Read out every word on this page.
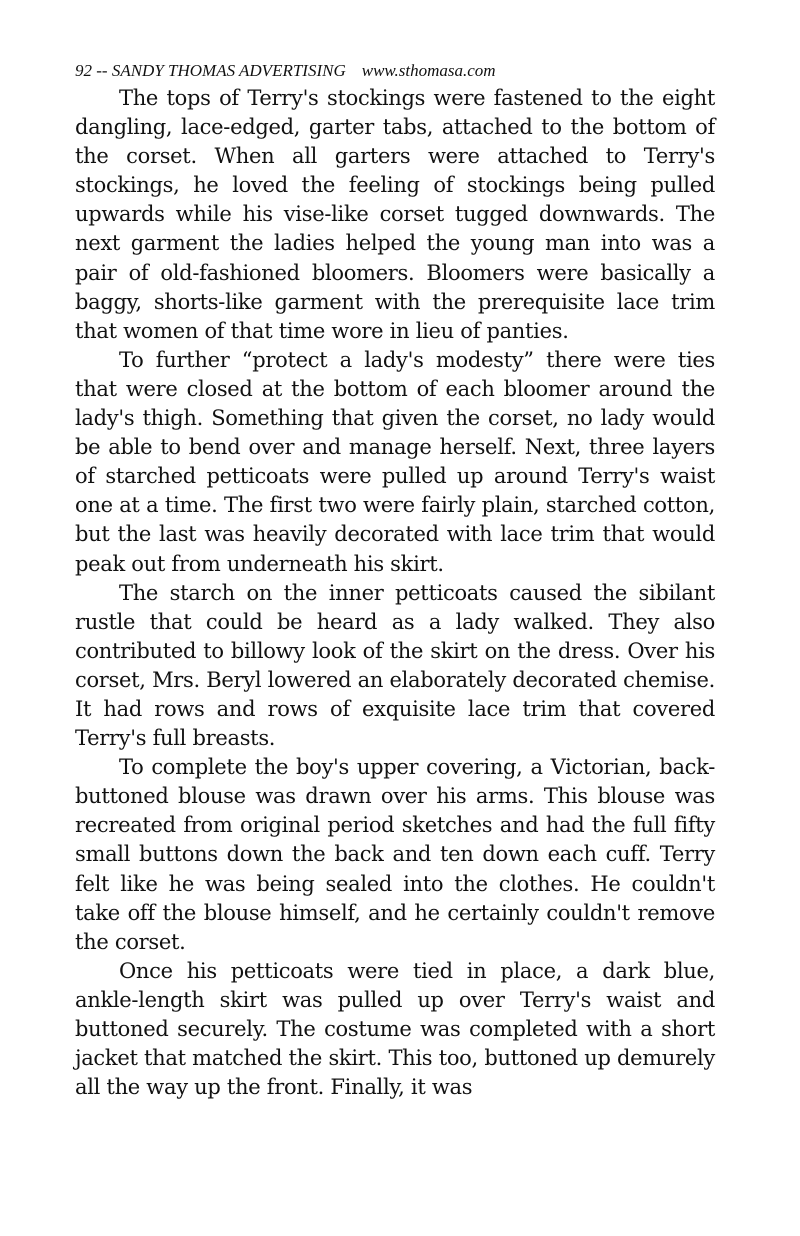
92 -- SANDY THOMAS ADVERTISING www.sthomasa.com

The tops of Terry's stockings were fastened to the eight dangling, lace-edged, garter tabs, attached to the bottom of the corset. When all garters were attached to Terry's stockings, he loved the feeling of stockings being pulled upwards while his vise-like corset tugged downwards. The next garment the ladies helped the young man into was a pair of old-fashioned bloomers. Bloomers were basically a baggy, shorts-like garment with the prerequisite lace trim that women of that time wore in lieu of panties.

To further “protect a lady's modesty” there were ties that were closed at the bottom of each bloomer around the lady's thigh. Something that given the corset, no lady would be able to bend over and manage herself. Next, three layers of starched petticoats were pulled up around Terry's waist one at a time. The first two were fairly plain, starched cotton, but the last was heavily decorated with lace trim that would peak out from underneath his skirt.

The starch on the inner petticoats caused the sibilant rustle that could be heard as a lady walked. They also contributed to billowy look of the skirt on the dress. Over his corset, Mrs. Beryl lowered an elaborately decorated chemise. It had rows and rows of exquisite lace trim that covered Terry's full breasts.

To complete the boy's upper covering, a Victorian, back-buttoned blouse was drawn over his arms. This blouse was recreated from original period sketches and had the full fifty small buttons down the back and ten down each cuff. Terry felt like he was being sealed into the clothes. He couldn't take off the blouse himself, and he certainly couldn't remove the corset.

Once his petticoats were tied in place, a dark blue, ankle-length skirt was pulled up over Terry's waist and buttoned securely. The costume was completed with a short jacket that matched the skirt. This too, buttoned up demurely all the way up the front. Finally, it was
